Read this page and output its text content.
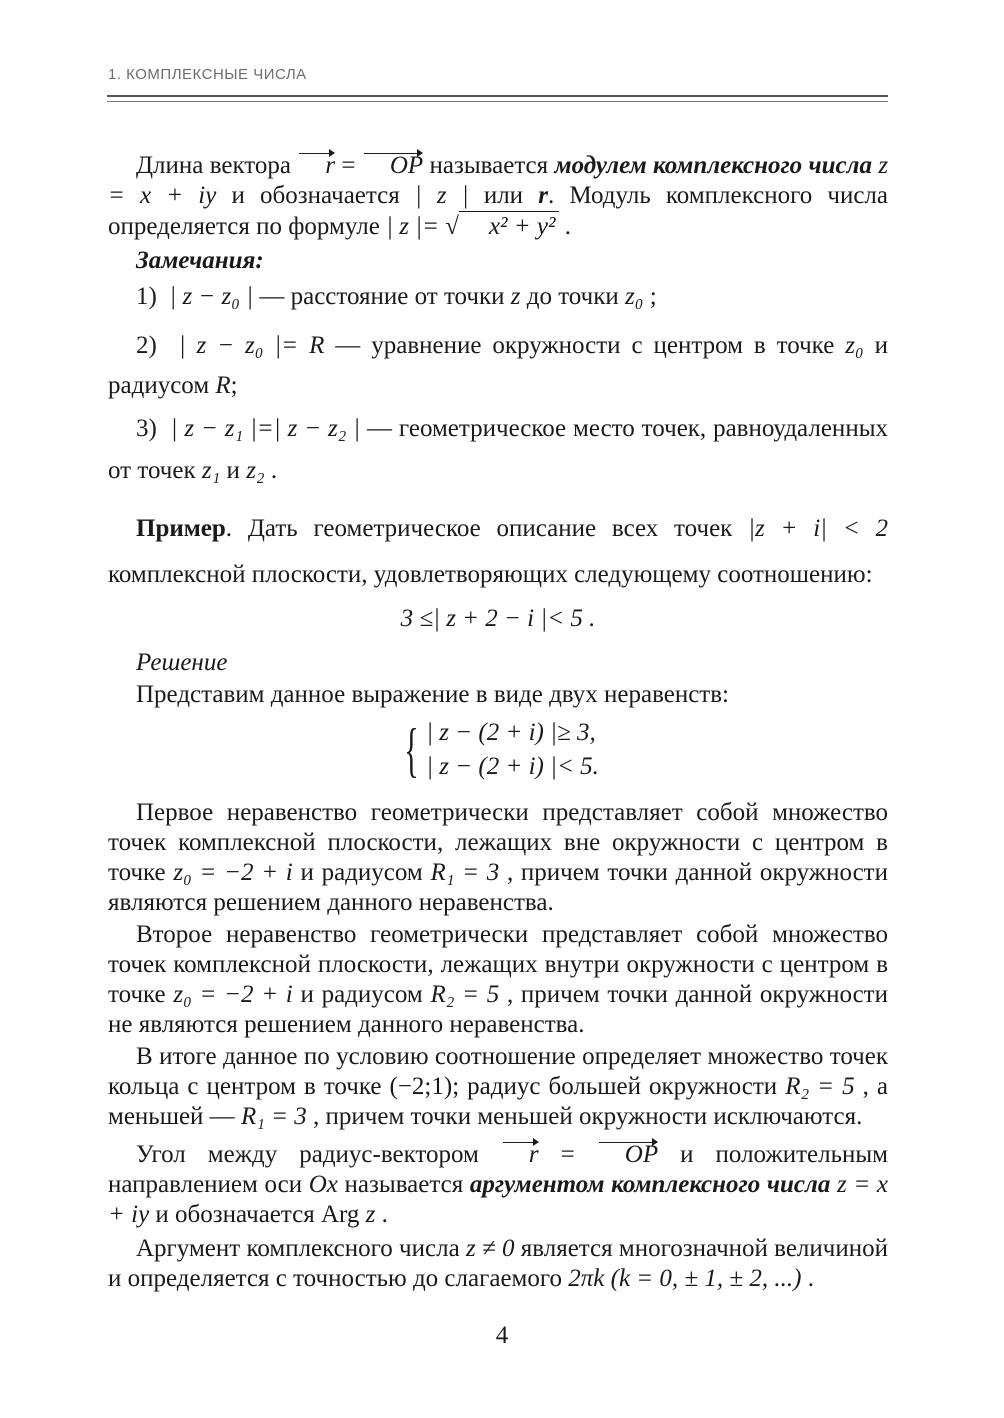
1. КОМПЛЕКСНЫЕ ЧИСЛА

Длина вектора r = OP называется модулем комплексного числа z = x + iy и обозначается | z | или r. Модуль комплексного числа определяется по формуле | z |= √ x² + y² .

Замечания:

1) | z − z₀ | — расстояние от точки z до точки z₀ ;

2) | z − z₀ |= R — уравнение окружности с центром в точке z₀ и радиусом R;

3) | z − z₁ |=| z − z₂ | — геометрическое место точек, равноудаленных от точек z₁ и z₂ .

Пример. Дать геометрическое описание всех точек |z + i| < 2 комплексной плоскости, удовлетворяющих следующему соотношению:

3 ≤| z + 2 − i |< 5 .

Решение

Представим данное выражение в виде двух неравенств:

{ | z − (2 + i) |≥ 3,
| z − (2 + i) |< 5.

Первое неравенство геометрически представляет собой множество точек комплексной плоскости, лежащих вне окружности с центром в точке z₀ = −2 + i и радиусом R₁ = 3 , причем точки данной окружности являются решением данного неравенства.

Второе неравенство геометрически представляет собой множество точек комплексной плоскости, лежащих внутри окружности с центром в точке z₀ = −2 + i и радиусом R₂ = 5 , причем точки данной окружности не являются решением данного неравенства.

В итоге данное по условию соотношение определяет множество точек кольца с центром в точке (−2;1); радиус большей окружности R₂ = 5 , а меньшей — R₁ = 3 , причем точки меньшей окружности исключаются.

Угол между радиус-вектором r = OP и положительным направлением оси Ox называется аргументом комплексного числа z = x + iy и обозначается Arg z .

Аргумент комплексного числа z ≠ 0 является многозначной величиной и определяется с точностью до слагаемого 2πk (k = 0, ± 1, ± 2, ...) .

4
